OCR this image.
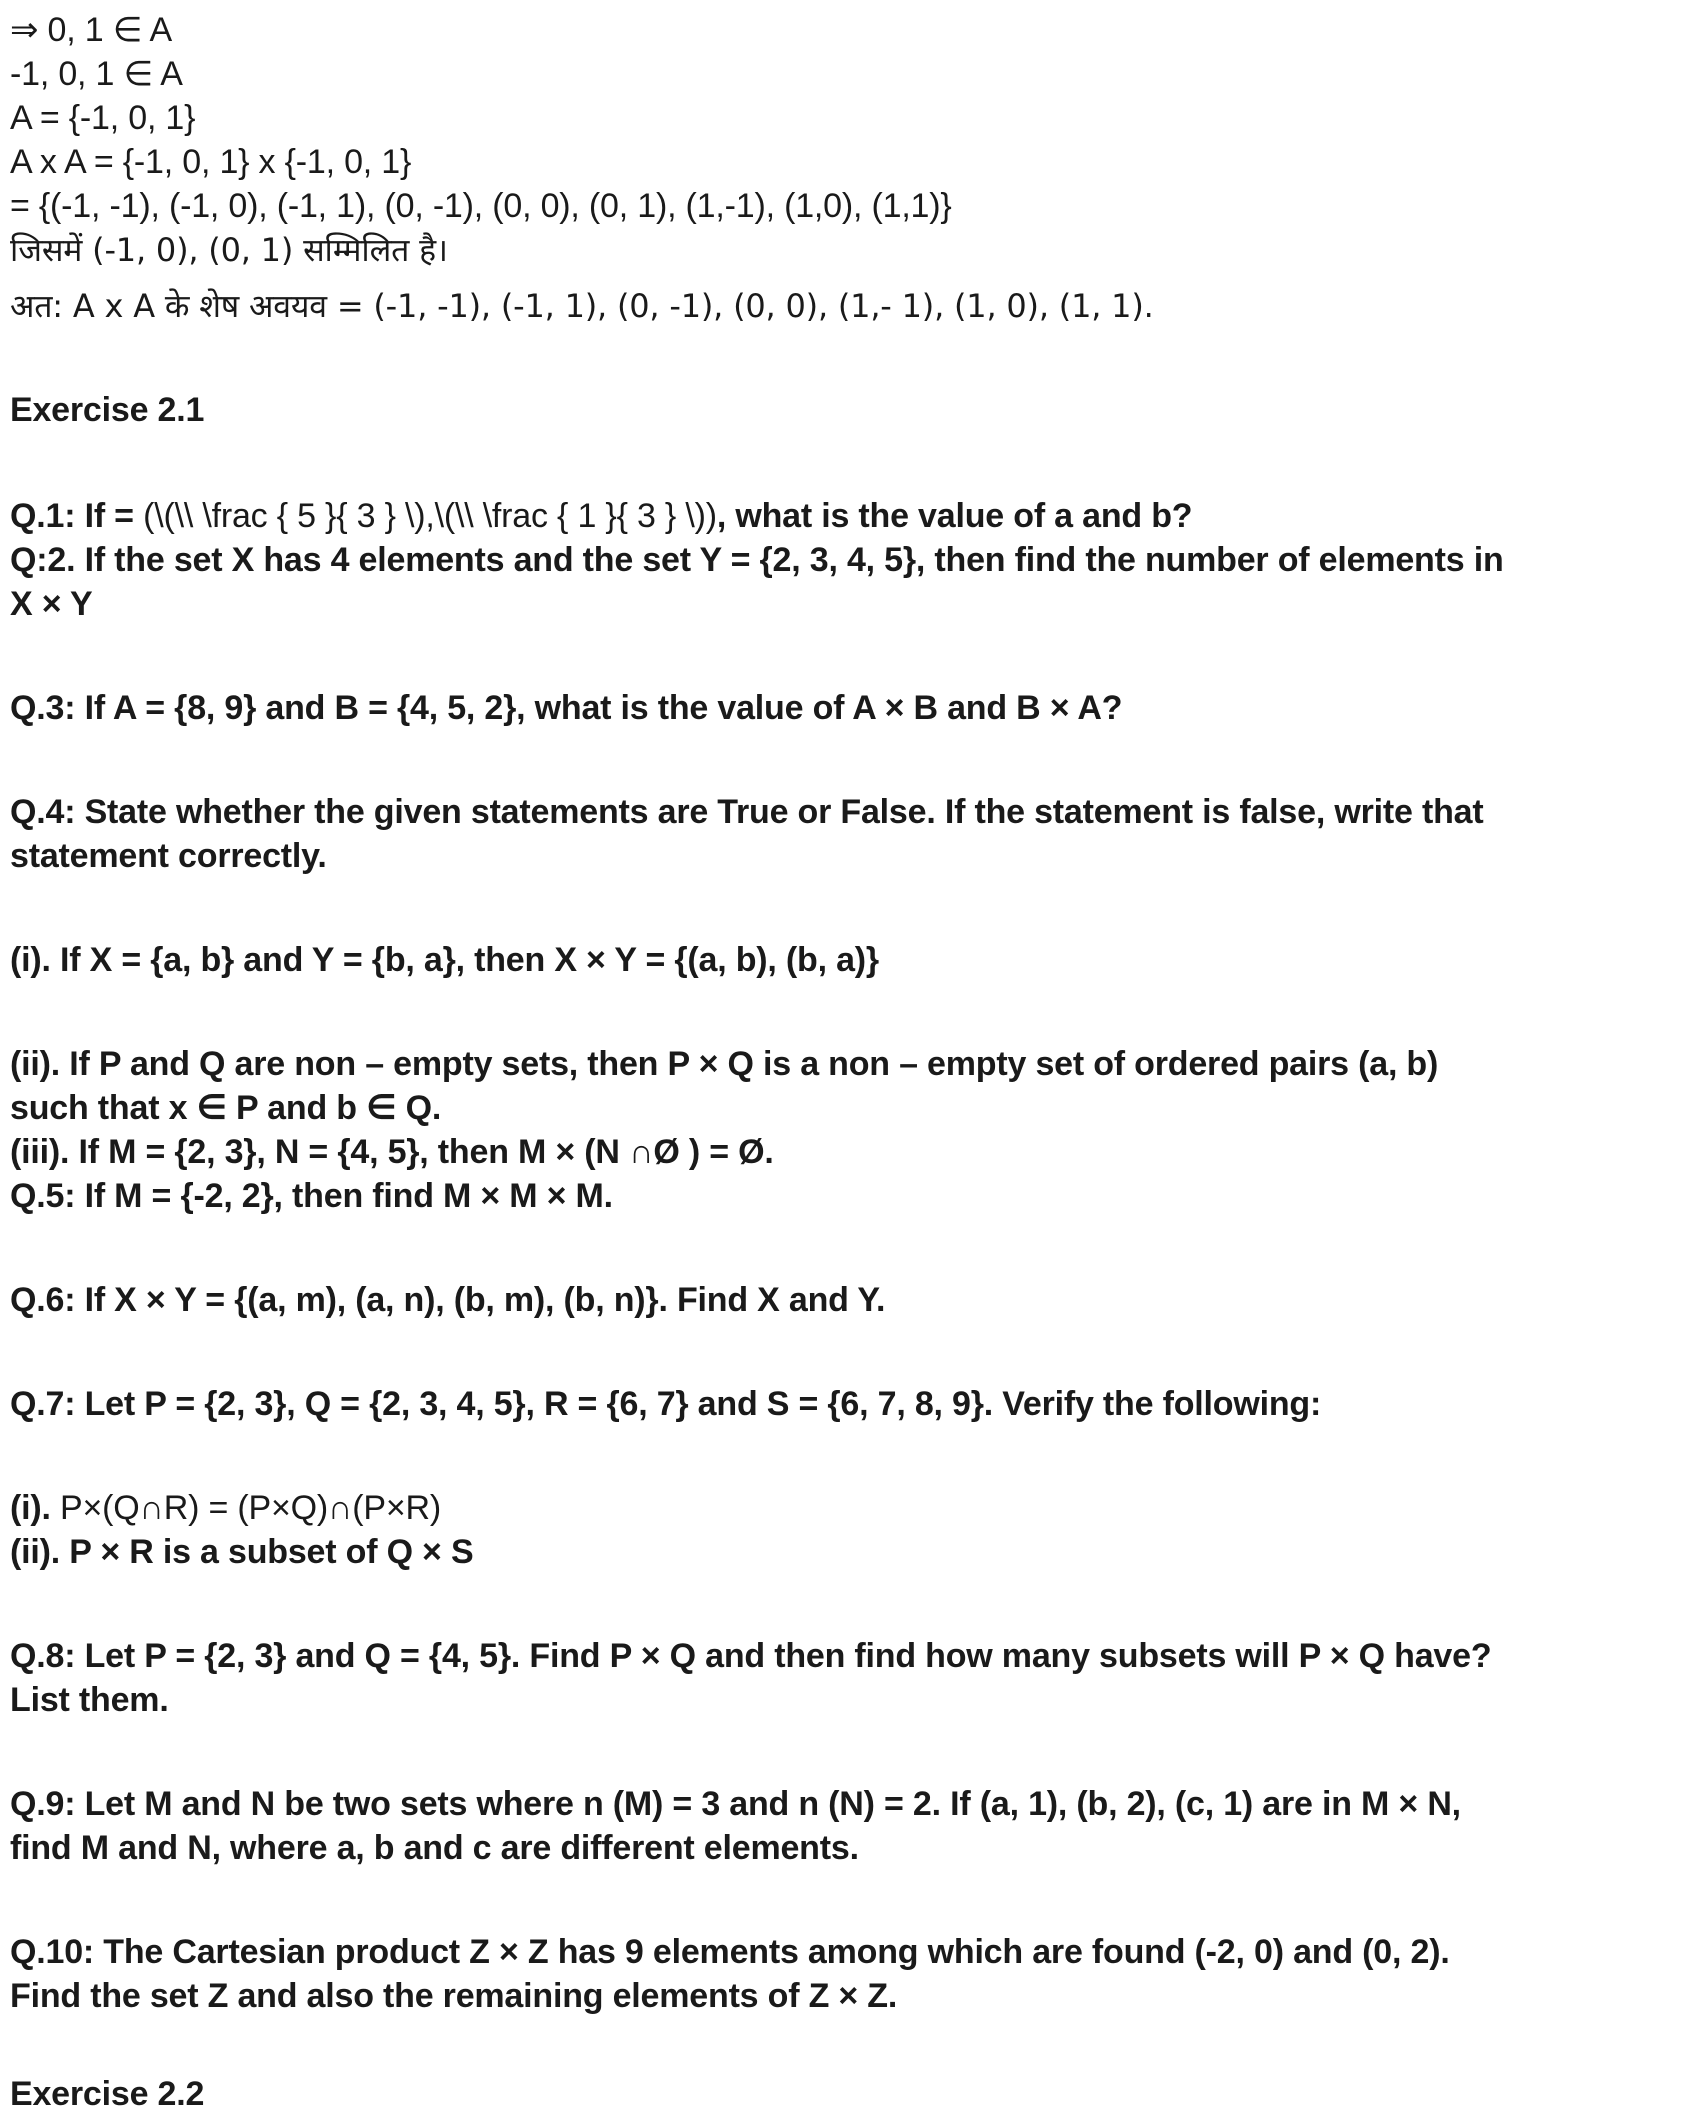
⇒ 0, 1 ∈ A

-1, 0, 1 ∈ A

A = {-1, 0, 1}

A x A = {-1, 0, 1} x {-1, 0, 1}

= {(-1, -1), (-1, 0), (-1, 1), (0, -1), (0, 0), (0, 1), (1,-1), (1,0), (1,1)}

जिसमें (-1, 0), (0, 1) सम्मिलित है।

अत: A x A के शेष अवयव = (-1, -1), (-1, 1), (0, -1), (0, 0), (1,- 1), (1, 0), (1, 1).

Exercise 2.1

Q.1: If = (\(\\ \frac { 5 }{ 3 } \),\(\\ \frac { 1 }{ 3 } \)), what is the value of a and b?

Q:2. If the set X has 4 elements and the set Y = {2, 3, 4, 5}, then find the number of elements in

X × Y

Q.3: If A = {8, 9} and B = {4, 5, 2}, what is the value of A × B and B × A?

Q.4: State whether the given statements are True or False. If the statement is false, write that

statement correctly.

(i). If X = {a, b} and Y = {b, a}, then X × Y = {(a, b), (b, a)}

(ii). If P and Q are non – empty sets, then P × Q is a non – empty set of ordered pairs (a, b)

such that x ∈ P and b ∈ Q.

(iii). If M = {2, 3}, N = {4, 5}, then M × (N ∩Ø ) = Ø.

Q.5: If M = {-2, 2}, then find M × M × M.

Q.6: If X × Y = {(a, m), (a, n), (b, m), (b, n)}. Find X and Y.

Q.7: Let P = {2, 3}, Q = {2, 3, 4, 5}, R = {6, 7} and S = {6, 7, 8, 9}. Verify the following:

(i). P×(Q∩R) = (P×Q)∩(P×R)

(ii). P × R is a subset of Q × S

Q.8: Let P = {2, 3} and Q = {4, 5}. Find P × Q and then find how many subsets will P × Q have?

List them.

Q.9: Let M and N be two sets where n (M) = 3 and n (N) = 2. If (a, 1), (b, 2), (c, 1) are in M × N,

find M and N, where a, b and c are different elements.

Q.10: The Cartesian product Z × Z has 9 elements among which are found (-2, 0) and (0, 2).

Find the set Z and also the remaining elements of Z × Z.

Exercise 2.2
